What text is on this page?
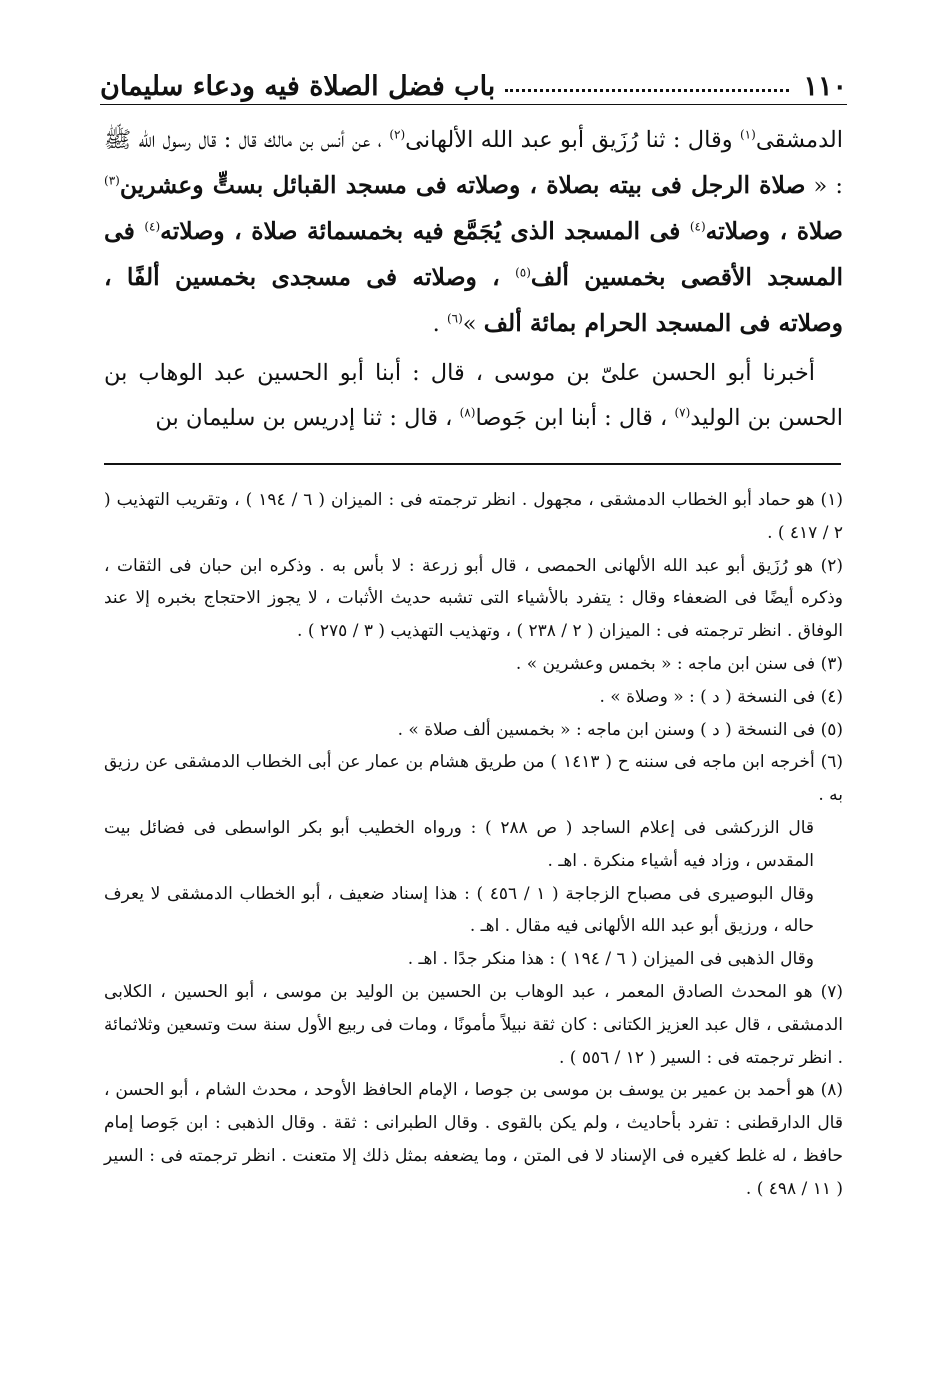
١١٠
باب فضل الصلاة فيه ودعاء سليمان

الدمشقى$^{(١)}$ وقال : ثنا رُزَيق أبو عبد الله الألهانى$^{(٢)}$ ، عن أنس بن مالك قال : قال رسول الله ﷺ : « صلاة الرجل فى بيته بصلاة ، وصلاته فى مسجد القبائل بستٍّ وعشرين$^{(٣)}$ صلاة ، وصلاته$^{(٤)}$ فى المسجد الذى يُجَمَّع فيه بخمسمائة صلاة ، وصلاته$^{(٤)}$ فى المسجد الأقصى بخمسين ألف$^{(٥)}$ ، وصلاته فى مسجدى بخمسين ألفًا ، وصلاته فى المسجد الحرام بمائة ألف »$^{(٦)}$ .

أخبرنا أبو الحسن علىّ بن موسى ، قال : أبنا أبو الحسين عبد الوهاب بن الحسن بن الوليد$^{(٧)}$ ، قال : أبنا ابن جَوصا$^{(٨)}$ ، قال : ثنا إدريس بن سليمان بن

(١) هو حماد أبو الخطاب الدمشقى ، مجهول . انظر ترجمته فى : الميزان ( ٦ / ١٩٤ ) ، وتقريب التهذيب ( ٢ / ٤١٧ ) .

(٢) هو رُزَيق أبو عبد الله الألهانى الحمصى ، قال أبو زرعة : لا بأس به . وذكره ابن حبان فى الثقات ، وذكره أيضًا فى الضعفاء وقال : يتفرد بالأشياء التى تشبه حديث الأثبات ، لا يجوز الاحتجاج بخبره إلا عند الوفاق . انظر ترجمته فى : الميزان ( ٢ / ٢٣٨ ) ، وتهذيب التهذيب ( ٣ / ٢٧٥ ) .

(٣) فى سنن ابن ماجه : « بخمس وعشرين » .

(٤) فى النسخة ( د ) : « وصلاة » .

(٥) فى النسخة ( د ) وسنن ابن ماجه : « بخمسين ألف صلاة » .

(٦) أخرجه ابن ماجه فى سننه ح ( ١٤١٣ ) من طريق هشام بن عمار عن أبى الخطاب الدمشقى عن رزيق به .

قال الزركشى فى إعلام الساجد ( ص ٢٨٨ ) : ورواه الخطيب أبو بكر الواسطى فى فضائل بيت المقدس ، وزاد فيه أشياء منكرة . اهـ .

وقال البوصيرى فى مصباح الزجاجة ( ١ / ٤٥٦ ) : هذا إسناد ضعيف ، أبو الخطاب الدمشقى لا يعرف حاله ، ورزيق أبو عبد الله الألهانى فيه مقال . اهـ .

وقال الذهبى فى الميزان ( ٦ / ١٩٤ ) : هذا منكر جدًا . اهـ .

(٧) هو المحدث الصادق المعمر ، عبد الوهاب بن الحسين بن الوليد بن موسى ، أبو الحسين ، الكلابى الدمشقى ، قال عبد العزيز الكتانى : كان ثقة نبيلاً مأمونًا ، ومات فى ربيع الأول سنة ست وتسعين وثلاثمائة . انظر ترجمته فى : السير ( ١٢ / ٥٥٦ ) .

(٨) هو أحمد بن عمير بن يوسف بن موسى بن جوصا ، الإمام الحافظ الأوحد ، محدث الشام ، أبو الحسن ، قال الدارقطنى : تفرد بأحاديث ، ولم يكن بالقوى . وقال الطبرانى : ثقة . وقال الذهبى : ابن جَوصا إمام حافظ ، له غلط كغيره فى الإسناد لا فى المتن ، وما يضعفه بمثل ذلك إلا متعنت . انظر ترجمته فى : السير ( ١١ / ٤٩٨ ) .
